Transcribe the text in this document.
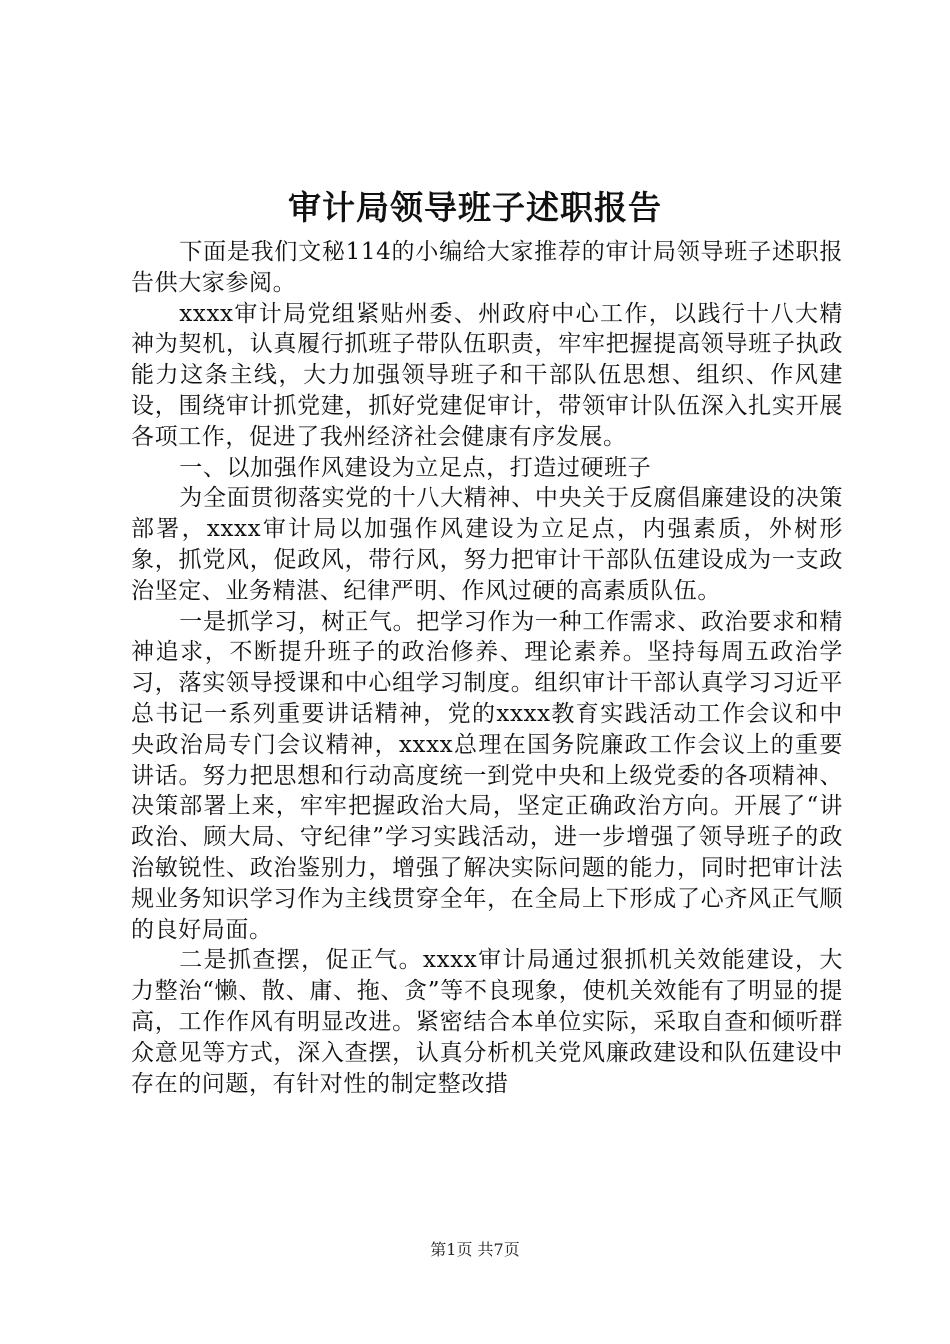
审计局领导班子述职报告

下面是我们文秘114的小编给大家推荐的审计局领导班子述职报告供大家参阅。

xxxx审计局党组紧贴州委、州政府中心工作，以践行十八大精神为契机，认真履行抓班子带队伍职责，牢牢把握提高领导班子执政能力这条主线，大力加强领导班子和干部队伍思想、组织、作风建设，围绕审计抓党建，抓好党建促审计，带领审计队伍深入扎实开展各项工作，促进了我州经济社会健康有序发展。

一、以加强作风建设为立足点，打造过硬班子

为全面贯彻落实党的十八大精神、中央关于反腐倡廉建设的决策部署，xxxx审计局以加强作风建设为立足点，内强素质，外树形象，抓党风，促政风，带行风，努力把审计干部队伍建设成为一支政治坚定、业务精湛、纪律严明、作风过硬的高素质队伍。

一是抓学习，树正气。把学习作为一种工作需求、政治要求和精神追求，不断提升班子的政治修养、理论素养。坚持每周五政治学习，落实领导授课和中心组学习制度。组织审计干部认真学习习近平总书记一系列重要讲话精神，党的xxxx教育实践活动工作会议和中央政治局专门会议精神，xxxx总理在国务院廉政工作会议上的重要讲话。努力把思想和行动高度统一到党中央和上级党委的各项精神、决策部署上来，牢牢把握政治大局，坚定正确政治方向。开展了“讲政治、顾大局、守纪律”学习实践活动，进一步增强了领导班子的政治敏锐性、政治鉴别力，增强了解决实际问题的能力，同时把审计法规业务知识学习作为主线贯穿全年，在全局上下形成了心齐风正气顺的良好局面。

二是抓查摆，促正气。xxxx审计局通过狠抓机关效能建设，大力整治“懒、散、庸、拖、贪”等不良现象，使机关效能有了明显的提高，工作作风有明显改进。紧密结合本单位实际，采取自查和倾听群众意见等方式，深入查摆，认真分析机关党风廉政建设和队伍建设中存在的问题，有针对性的制定整改措

第1页 共7页
